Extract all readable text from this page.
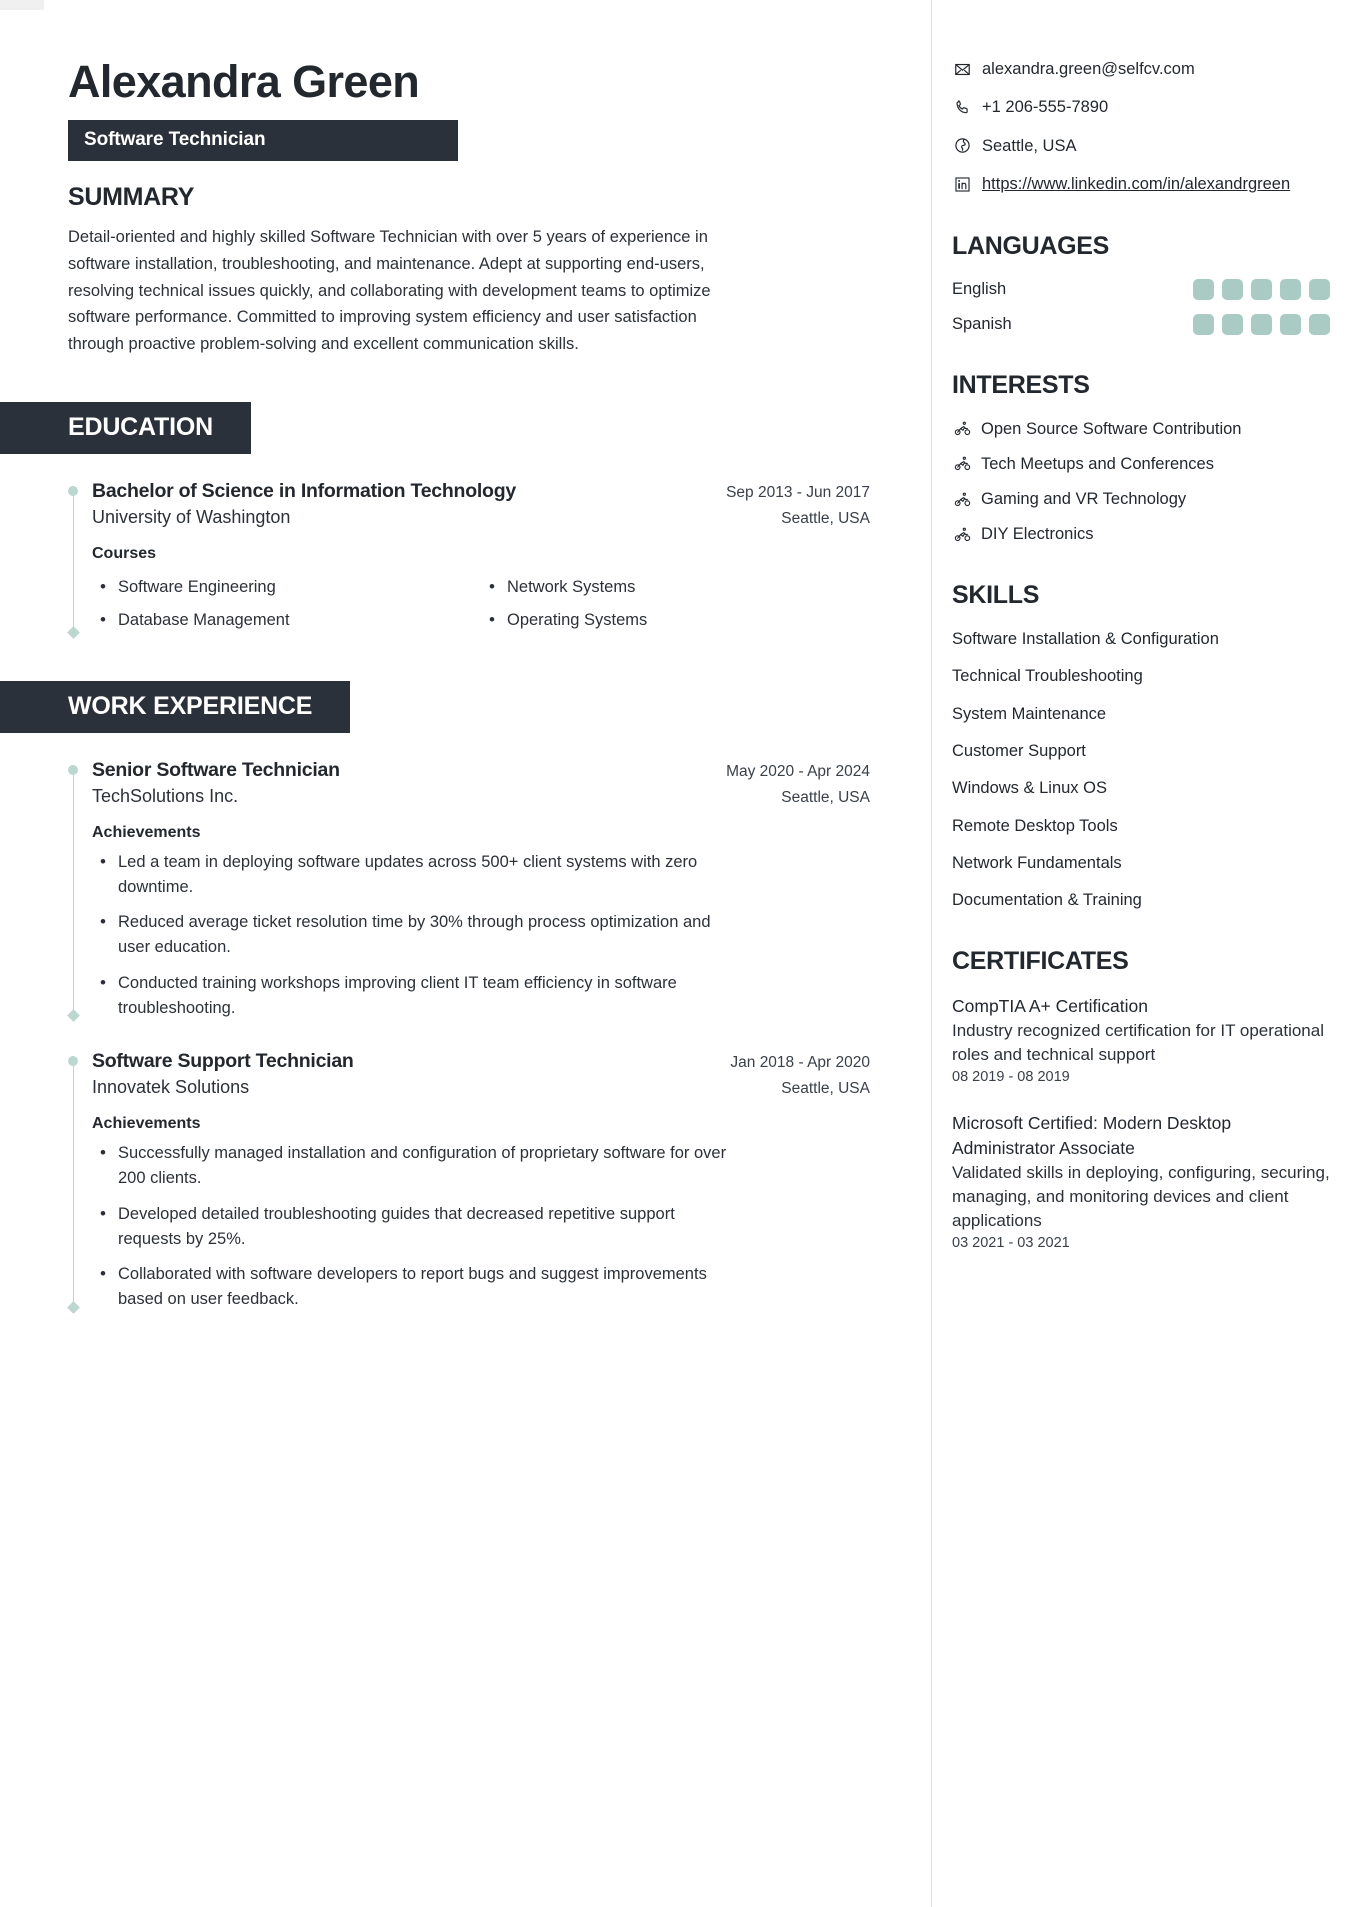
Alexandra Green
Software Technician
SUMMARY
Detail-oriented and highly skilled Software Technician with over 5 years of experience in software installation, troubleshooting, and maintenance. Adept at supporting end-users, resolving technical issues quickly, and collaborating with development teams to optimize software performance. Committed to improving system efficiency and user satisfaction through proactive problem-solving and excellent communication skills.
EDUCATION
Bachelor of Science in Information Technology	Sep 2013 - Jun 2017
University of Washington	Seattle, USA
Courses
• Software Engineering	• Network Systems
• Database Management	• Operating Systems
WORK EXPERIENCE
Senior Software Technician	May 2020 - Apr 2024
TechSolutions Inc.	Seattle, USA
Achievements
• Led a team in deploying software updates across 500+ client systems with zero downtime.
• Reduced average ticket resolution time by 30% through process optimization and user education.
• Conducted training workshops improving client IT team efficiency in software troubleshooting.
Software Support Technician	Jan 2018 - Apr 2020
Innovatek Solutions	Seattle, USA
Achievements
• Successfully managed installation and configuration of proprietary software for over 200 clients.
• Developed detailed troubleshooting guides that decreased repetitive support requests by 25%.
• Collaborated with software developers to report bugs and suggest improvements based on user feedback.
alexandra.green@selfcv.com
+1 206-555-7890
Seattle, USA
https://www.linkedin.com/in/alexandrgreen
LANGUAGES
English
Spanish
INTERESTS
Open Source Software Contribution
Tech Meetups and Conferences
Gaming and VR Technology
DIY Electronics
SKILLS
Software Installation & Configuration
Technical Troubleshooting
System Maintenance
Customer Support
Windows & Linux OS
Remote Desktop Tools
Network Fundamentals
Documentation & Training
CERTIFICATES
CompTIA A+ Certification
Industry recognized certification for IT operational roles and technical support
08 2019 - 08 2019
Microsoft Certified: Modern Desktop Administrator Associate
Validated skills in deploying, configuring, securing, managing, and monitoring devices and client applications
03 2021 - 03 2021
